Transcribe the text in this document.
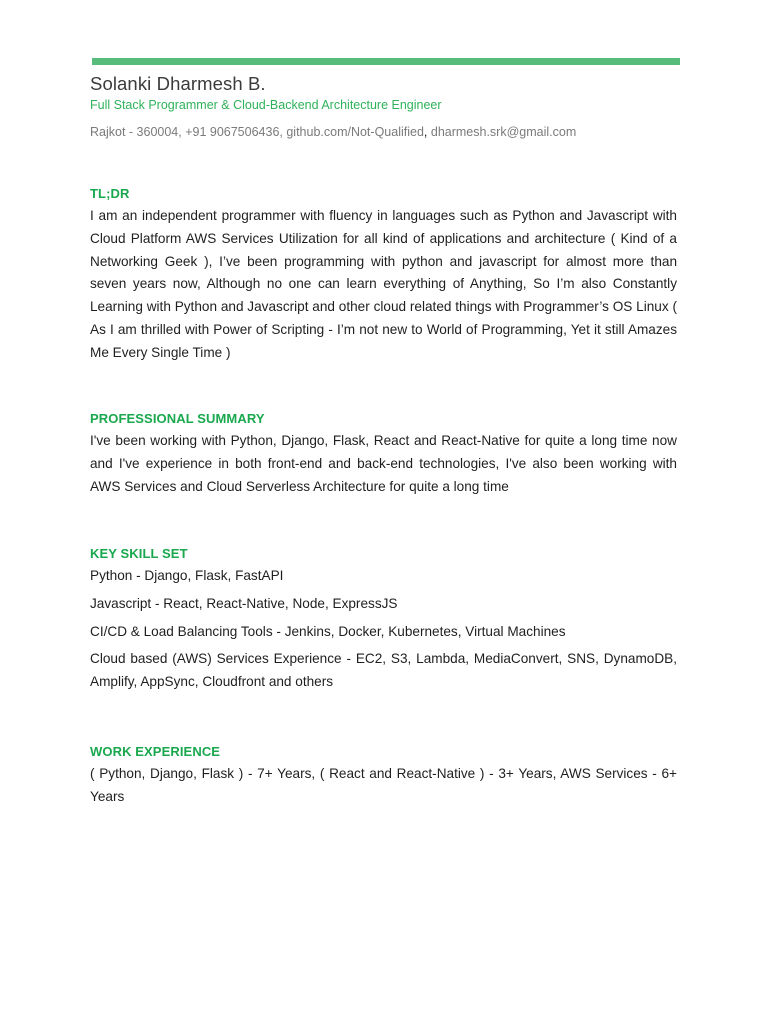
Solanki Dharmesh B.
Full Stack Programmer & Cloud-Backend Architecture Engineer
Rajkot - 360004, +91 9067506436, github.com/Not-Qualified, dharmesh.srk@gmail.com
TL;DR

I am an independent programmer with fluency in languages such as Python and Javascript with Cloud Platform AWS Services Utilization for all kind of applications and architecture ( Kind of a Networking Geek ), I’ve been programming with python and javascript for almost more than seven years now, Although no one can learn everything of Anything, So I’m also Constantly Learning with Python and Javascript and other cloud related things with Programmer’s OS Linux ( As I am thrilled with Power of Scripting - I’m not new to World of Programming, Yet it still Amazes Me Every Single Time )

PROFESSIONAL SUMMARY

I've been working with Python, Django, Flask, React and React-Native for quite a long time now and I've experience in both front-end and back-end technologies, I've also been working with AWS Services and Cloud Serverless Architecture for quite a long time

KEY SKILL SET

Python - Django, Flask, FastAPI

Javascript - React, React-Native, Node, ExpressJS

CI/CD & Load Balancing Tools - Jenkins, Docker, Kubernetes, Virtual Machines

Cloud based (AWS) Services Experience - EC2, S3, Lambda, MediaConvert, SNS, DynamoDB, Amplify, AppSync, Cloudfront and others

WORK EXPERIENCE

( Python, Django, Flask ) - 7+ Years, ( React and React-Native ) - 3+ Years, AWS Services - 6+ Years
